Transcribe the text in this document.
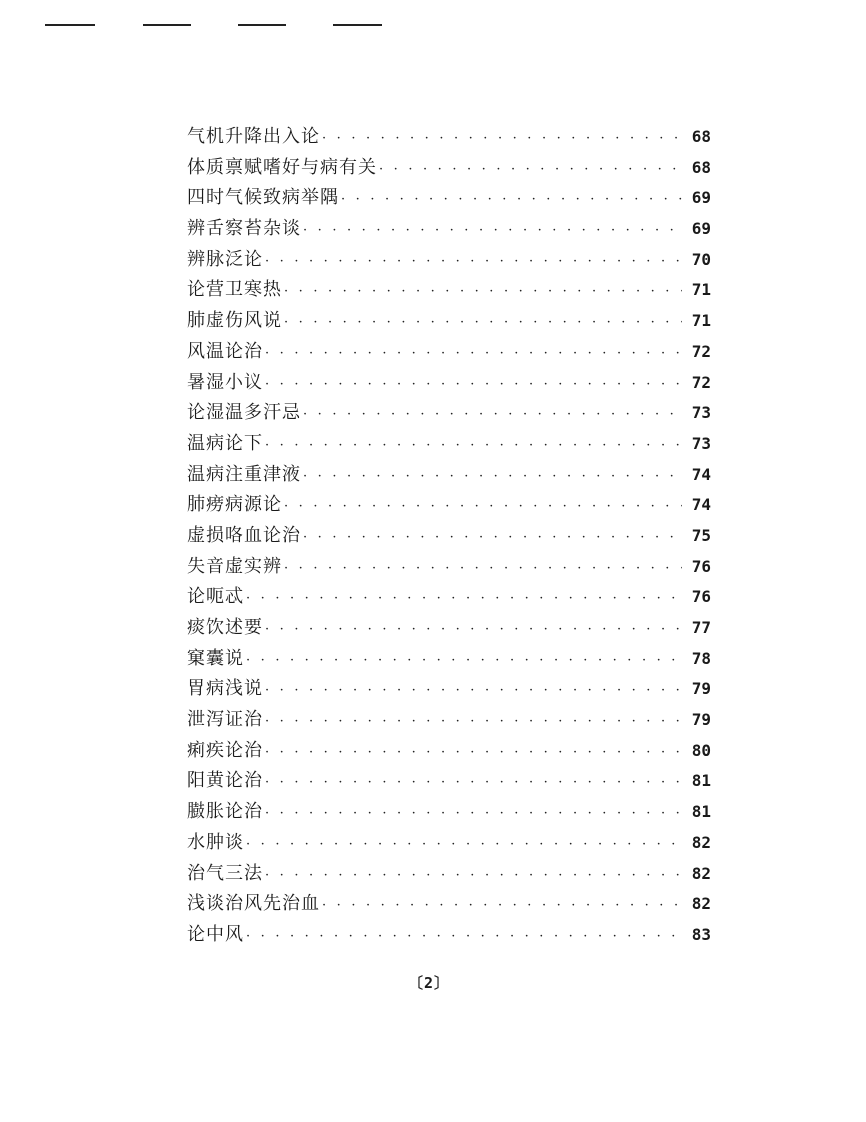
气机升降出入论 · · ·	68
体质禀赋嗜好与病有关 · · ·	68
四时气候致病举隅 · · ·	69
辨舌察苔杂谈 · · ·	69
辨脉泛论 · · ·	70
论营卫寒热 · · ·	71
肺虚伤风说 · · ·	71
风温论治 · · ·	72
暑湿小议 · · ·	72
论湿温多汗忌 · · ·	73
温病论下 · · ·	73
温病注重津液 · · ·	74
肺痨病源论 · · ·	74
虚损咯血论治 · · ·	75
失音虚实辨 · · ·	76
论呃忒 · · ·	76
痰饮述要 · · ·	77
窠囊说 · · ·	78
胃病浅说 · · ·	79
泄泻证治 · · ·	79
痢疾论治 · · ·	80
阳黄论治 · · ·	81
臌胀论治 · · ·	81
水肿谈 · · ·	82
治气三法 · · ·	82
浅谈治风先治血 · · ·	82
论中风 · · ·	83
〔2〕
